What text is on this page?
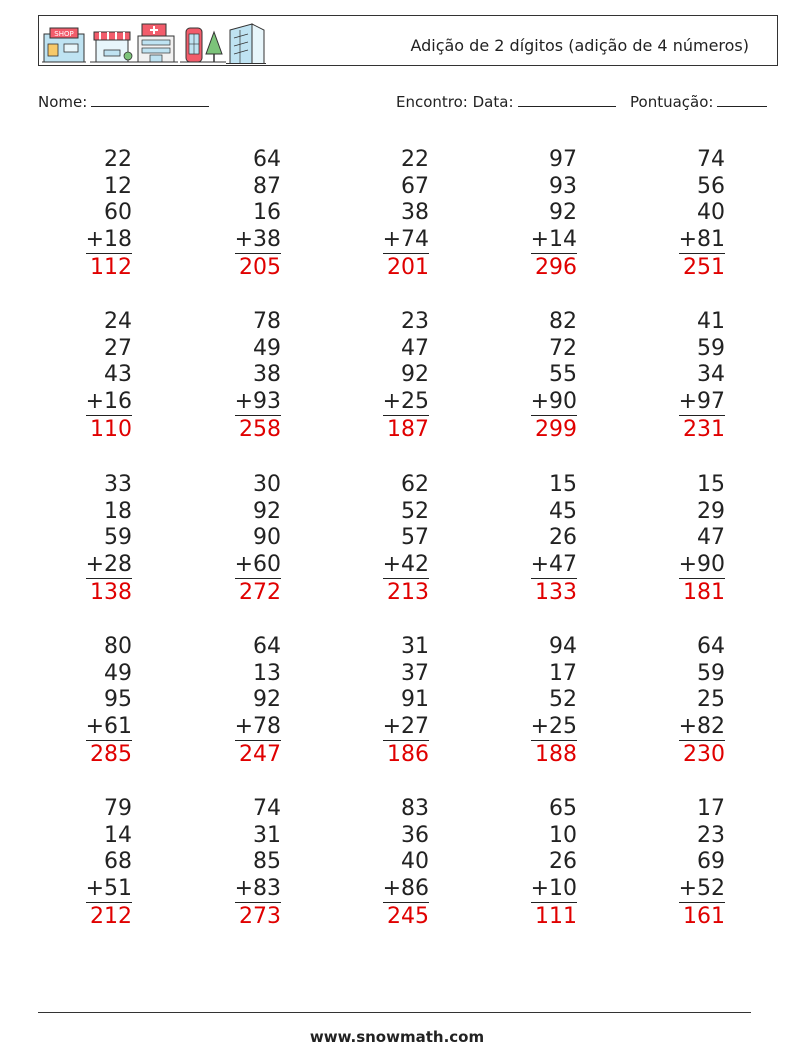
SHOP
Adição de 2 dígitos (adição de 4 números)
Nome:	Encontro: Data:	Pontuação:
22
12
60
+18

112
64
87
16
+38

205
22
67
38
+74

201
97
93
92
+14

296
74
56
40
+81

251
24
27
43
+16

110
78
49
38
+93

258
23
47
92
+25

187
82
72
55
+90

299
41
59
34
+97

231
33
18
59
+28

138
30
92
90
+60

272
62
52
57
+42

213
15
45
26
+47

133
15
29
47
+90

181
80
49
95
+61

285
64
13
92
+78

247
31
37
91
+27

186
94
17
52
+25

188
64
59
25
+82

230
79
14
68
+51

212
74
31
85
+83

273
83
36
40
+86

245
65
10
26
+10

111
17
23
69
+52

161
www.snowmath.com
